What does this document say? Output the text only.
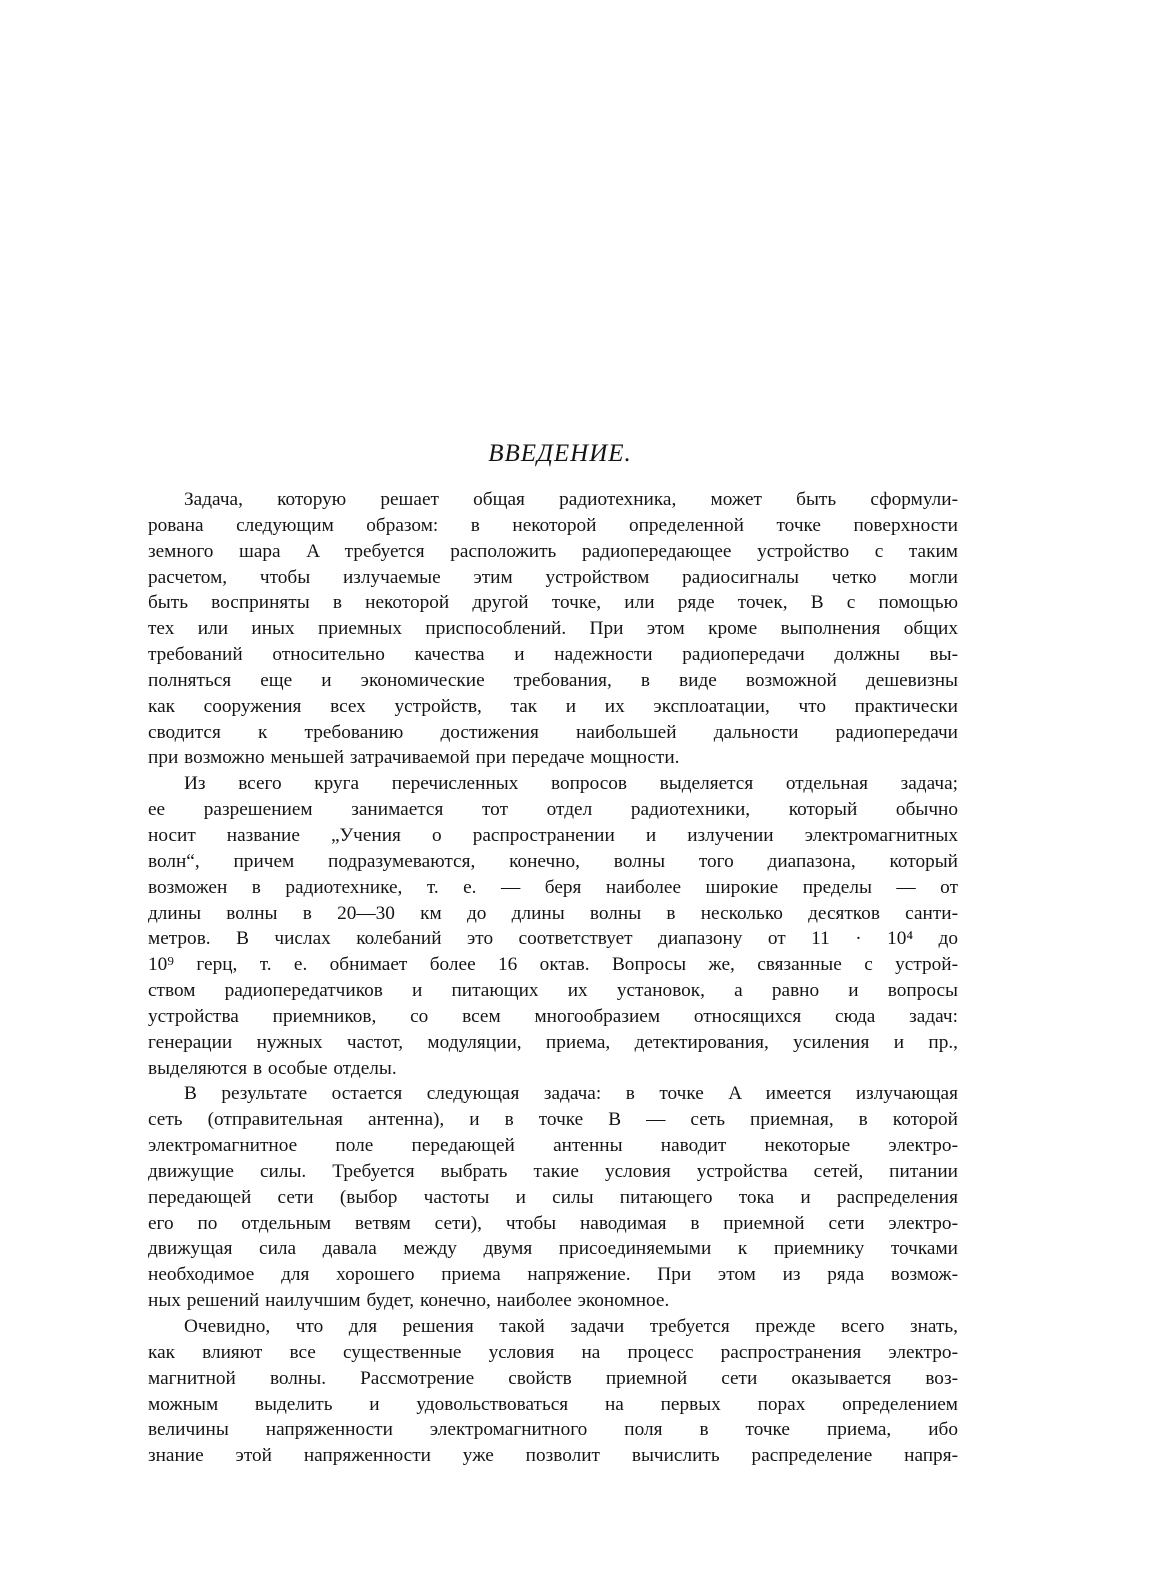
ВВЕДЕНИЕ.

Задача, которую решает общая радиотехника, может быть сформули-
рована следующим образом: в некоторой определенной точке поверхности
земного шара A требуется расположить радиопередающее устройство с таким
расчетом, чтобы излучаемые этим устройством радиосигналы четко могли
быть восприняты в некоторой другой точке, или ряде точек, B с помощью
тех или иных приемных приспособлений. При этом кроме выполнения общих
требований относительно качества и надежности радиопередачи должны вы-
полняться еще и экономические требования, в виде возможной дешевизны
как сооружения всех устройств, так и их эксплоатации, что практически
сводится к требованию достижения наибольшей дальности радиопередачи
при возможно меньшей затрачиваемой при передаче мощности.

Из всего круга перечисленных вопросов выделяется отдельная задача;
ее разрешением занимается тот отдел радиотехники, который обычно
носит название „Учения о распространении и излучении электромагнитных
волн“, причем подразумеваются, конечно, волны того диапазона, который
возможен в радиотехнике, т. е. — беря наиболее широкие пределы — от
длины волны в 20—30 км до длины волны в несколько десятков санти-
метров. В числах колебаний это соответствует диапазону от 11 · 10⁴ до
10⁹ герц, т. е. обнимает более 16 октав. Вопросы же, связанные с устрой-
ством радиопередатчиков и питающих их установок, а равно и вопросы
устройства приемников, со всем многообразием относящихся сюда задач:
генерации нужных частот, модуляции, приема, детектирования, усиления и пр.,
выделяются в особые отделы.

В результате остается следующая задача: в точке A имеется излучающая
сеть (отправительная антенна), и в точке B — сеть приемная, в которой
электромагнитное поле передающей антенны наводит некоторые электро-
движущие силы. Требуется выбрать такие условия устройства сетей, питании
передающей сети (выбор частоты и силы питающего тока и распределения
его по отдельным ветвям сети), чтобы наводимая в приемной сети электро-
движущая сила давала между двумя присоединяемыми к приемнику точками
необходимое для хорошего приема напряжение. При этом из ряда возмож-
ных решений наилучшим будет, конечно, наиболее экономное.

Очевидно, что для решения такой задачи требуется прежде всего знать,
как влияют все существенные условия на процесс распространения электро-
магнитной волны. Рассмотрение свойств приемной сети оказывается воз-
можным выделить и удовольствоваться на первых порах определением
величины напряженности электромагнитного поля в точке приема, ибо
знание этой напряженности уже позволит вычислить распределение напря-
